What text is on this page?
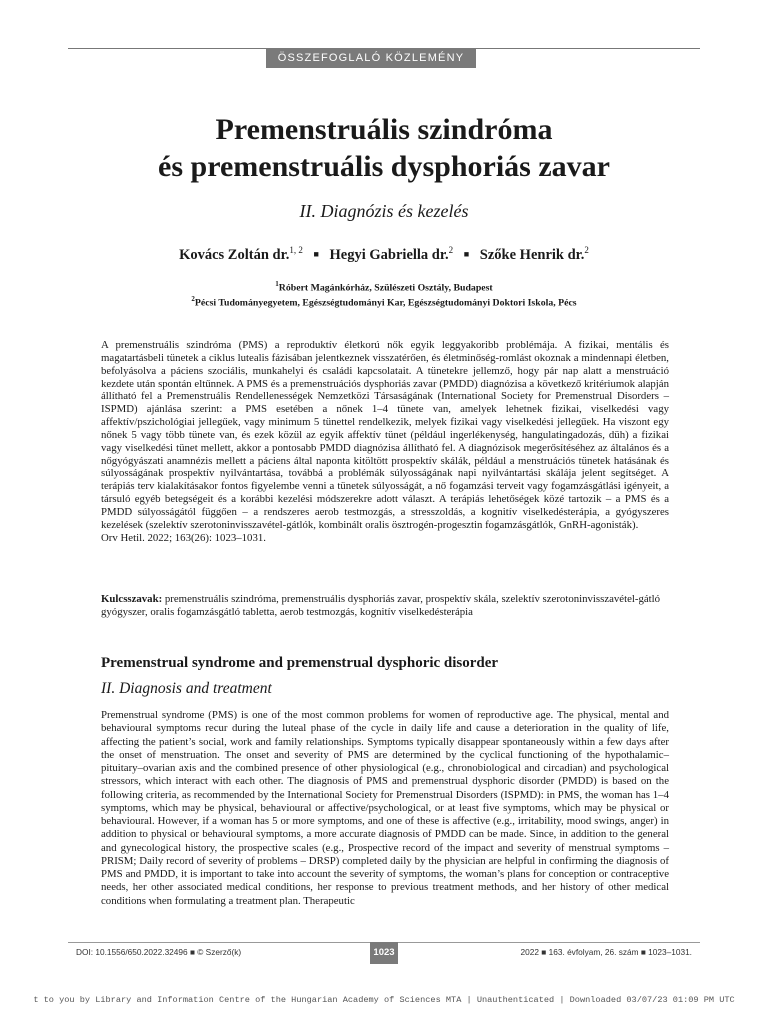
ÖSSZEFOGLALÓ KÖZLEMÉNY
Premenstruális szindróma
és premenstruális dysphoriás zavar
II. Diagnózis és kezelés
Kovács Zoltán dr.$^{1, 2}$ ■ Hegyi Gabriella dr.$^2$ ■ Szőke Henrik dr.$^2$
$^1$Róbert Magánkórház, Szülészeti Osztály, Budapest
$^2$Pécsi Tudományegyetem, Egészségtudományi Kar, Egészségtudományi Doktori Iskola, Pécs

A premenstruális szindróma (PMS) a reproduktív életkorú nők egyik leggyakoribb problémája. A fizikai, mentális és magatartásbeli tünetek a ciklus lutealis fázisában jelentkeznek visszatérően, és életminőség-romlást okoznak a mindennapi életben, befolyásolva a páciens szociális, munkahelyi és családi kapcsolatait. A tünetekre jellemző, hogy pár nap alatt a menstruáció kezdete után spontán eltűnnek. A PMS és a premenstruációs dysphoriás zavar (PMDD) diagnózisa a következő kritériumok alapján állítható fel a Premenstruális Rendellenességek Nemzetközi Társaságának (International Society for Premenstrual Disorders – ISPMD) ajánlása szerint: a PMS esetében a nőnek 1–4 tünete van, amelyek lehetnek fizikai, viselkedési vagy affektív/pszichológiai jellegűek, vagy minimum 5 tünettel rendelkezik, melyek fizikai vagy viselkedési jellegűek. Ha viszont egy nőnek 5 vagy több tünete van, és ezek közül az egyik affektív tünet (például ingerlékenység, hangulatingadozás, düh) a fizikai vagy viselkedési tünet mellett, akkor a pontosabb PMDD diagnózisa állítható fel. A diagnózisok megerősítéséhez az általános és a nőgyógyászati anamnézis mellett a páciens által naponta kitöltött prospektív skálák, például a menstruációs tünetek hatásának és súlyosságának prospektív nyilvántartása, továbbá a problémák súlyosságának napi nyilvántartási skálája jelent segítséget. A terápiás terv kialakításakor fontos figyelembe venni a tünetek súlyosságát, a nő fogamzási terveit vagy fogamzásgátlási igényeit, a társuló egyéb betegségeit és a korábbi kezelési módszerekre adott választ. A terápiás lehetőségek közé tartozik – a PMS és a PMDD súlyosságától függően – a rendszeres aerob testmozgás, a stresszoldás, a kognitív viselkedésterápia, a gyógyszeres kezelések (szelektív szerotoninvisszavétel-gátlók, kombinált oralis ösztrogén-progesztin fogamzásgátlók, GnRH-agonisták).

Orv Hetil. 2022; 163(26): 1023–1031.

Kulcsszavak: premenstruális szindróma, premenstruális dysphoriás zavar, prospektív skála, szelektív szerotoninvisszavétel-gátló gyógyszer, oralis fogamzásgátló tabletta, aerob testmozgás, kognitív viselkedésterápia
Premenstrual syndrome and premenstrual dysphoric disorder
II. Diagnosis and treatment

Premenstrual syndrome (PMS) is one of the most common problems for women of reproductive age. The physical, mental and behavioural symptoms recur during the luteal phase of the cycle in daily life and cause a deterioration in the quality of life, affecting the patient’s social, work and family relationships. Symptoms typically disappear spontaneously within a few days after the onset of menstruation. The onset and severity of PMS are determined by the cyclical functioning of the hypothalamic–pituitary–ovarian axis and the combined presence of other physiological (e.g., chronobiological and circadian) and psychological stressors, which interact with each other. The diagnosis of PMS and premenstrual dysphoric disorder (PMDD) is based on the following criteria, as recommended by the International Society for Premenstrual Disorders (ISPMD): in PMS, the woman has 1–4 symptoms, which may be physical, behavioural or affective/psychological, or at least five symptoms, which may be physical or behavioural. However, if a woman has 5 or more symptoms, and one of these is affective (e.g., irritability, mood swings, anger) in addition to physical or behavioural symptoms, a more accurate diagnosis of PMDD can be made. Since, in addition to the general and gynecological history, the prospective scales (e.g., Prospective record of the impact and severity of menstrual symptoms – PRISM; Daily record of severity of problems – DRSP) completed daily by the physician are helpful in confirming the diagnosis of PMS and PMDD, it is important to take into account the severity of symptoms, the woman’s plans for conception or contraceptive needs, her other associated medical conditions, her response to previous treatment methods, and her history of other medical conditions when formulating a treatment plan. Therapeutic

DOI: 10.1556/650.2022.32496 ■ © Szerző(k)	1023	2022 ■ 163. évfolyam, 26. szám ■ 1023–1031.
t to you by Library and Information Centre of the Hungarian Academy of Sciences MTA | Unauthenticated | Downloaded 03/07/23 01:09 PM UTC
